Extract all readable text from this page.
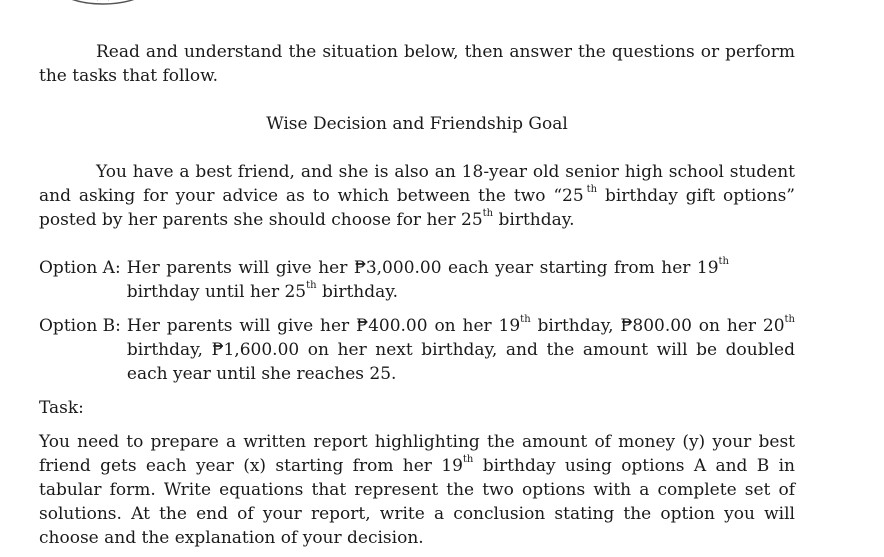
Read and understand the situation below, then answer the questions or perform the tasks that follow.

Wise Decision and Friendship Goal

You have a best friend, and she is also an 18-year old senior high school student and asking for your advice as to which between the two “25 $^{th}$ birthday gift options” posted by her parents she should choose for her 25th birthday.

Option A: Her parents will give her ₱3,000.00 each year starting from her 19th birthday until her 25th birthday.
Option B: Her parents will give her ₱400.00 on her 19th birthday, ₱800.00 on her 20th birthday, ₱1,600.00 on her next birthday, and the amount will be doubled each year until she reaches 25.

Task:

You need to prepare a written report highlighting the amount of money (y) your best friend gets each year (x) starting from her 19th birthday using options A and B in tabular form. Write equations that represent the two options with a complete set of solutions. At the end of your report, write a conclusion stating the option you will choose and the explanation of your decision.
